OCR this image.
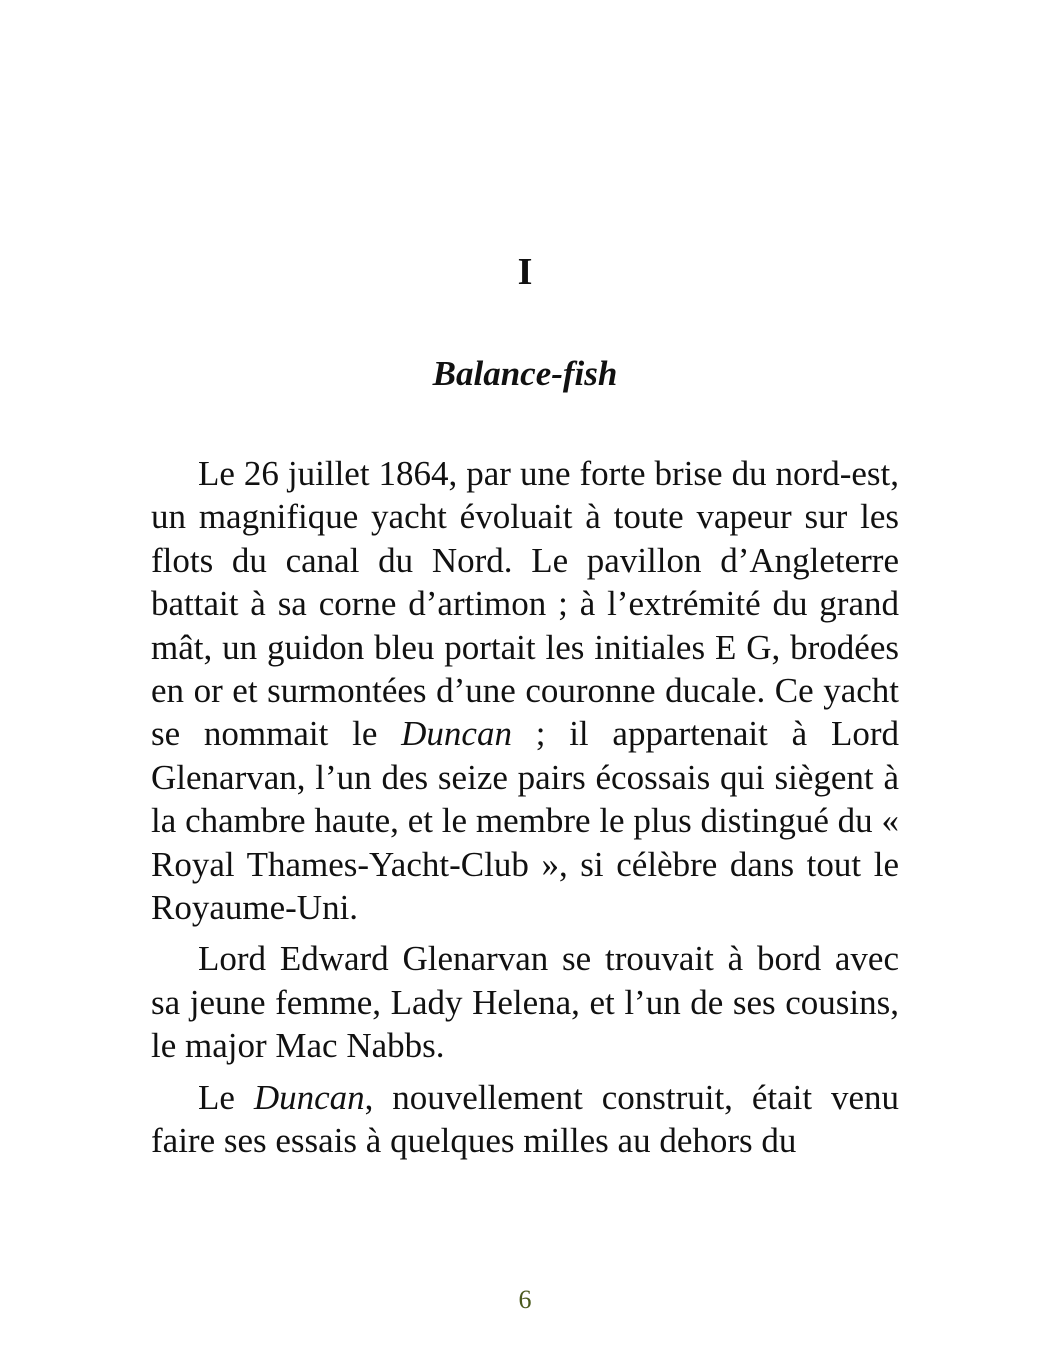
I
Balance-fish

Le 26 juillet 1864, par une forte brise du nord-est, un magnifique yacht évoluait à toute vapeur sur les flots du canal du Nord. Le pavillon d’Angleterre battait à sa corne d’artimon ; à l’extrémité du grand mât, un guidon bleu portait les initiales E G, brodées en or et surmontées d’une couronne ducale. Ce yacht se nommait le Duncan ; il appartenait à Lord Glenarvan, l’un des seize pairs écossais qui siègent à la chambre haute, et le membre le plus distingué du « Royal Thames-Yacht-Club », si célèbre dans tout le Royaume-Uni.

Lord Edward Glenarvan se trouvait à bord avec sa jeune femme, Lady Helena, et l’un de ses cousins, le major Mac Nabbs.

Le Duncan, nouvellement construit, était venu faire ses essais à quelques milles au dehors du

6
